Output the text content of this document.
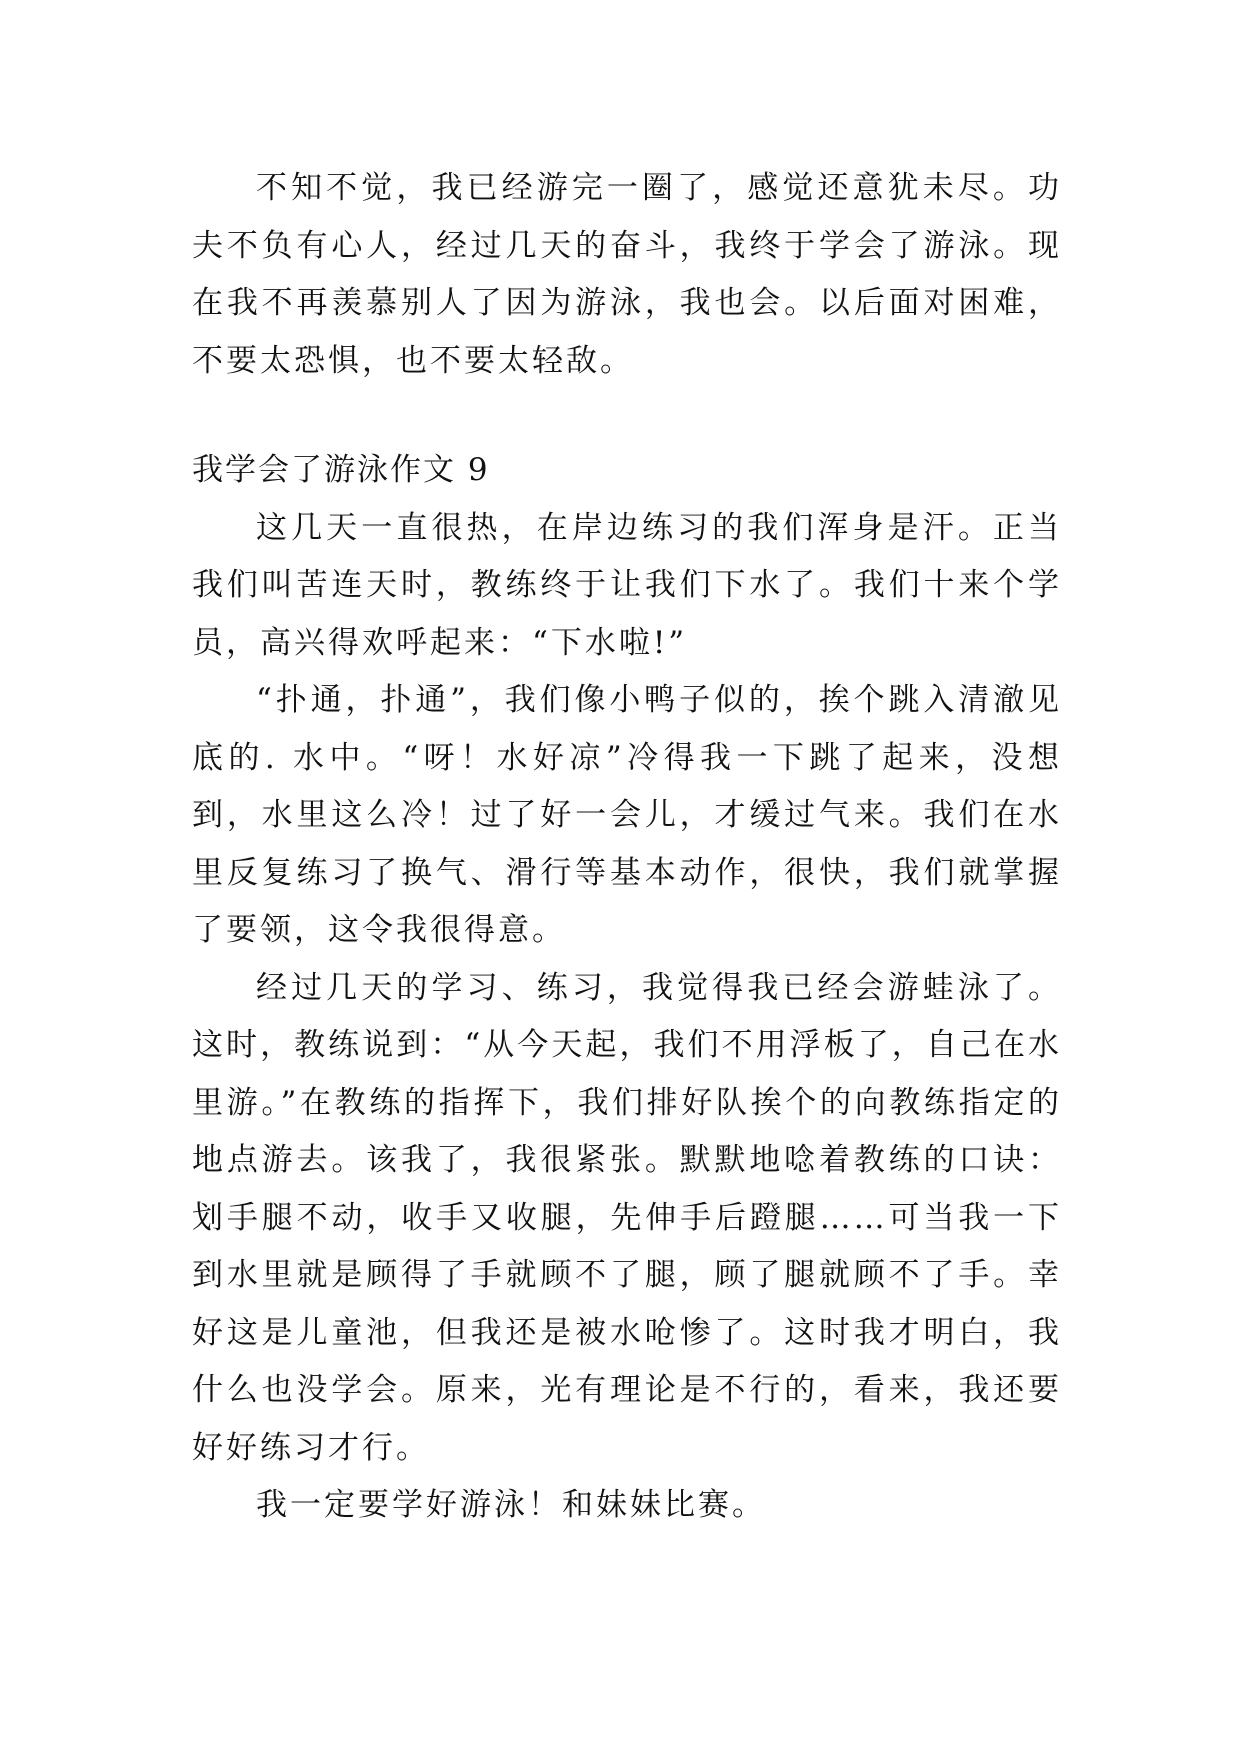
不知不觉，我已经游完一圈了，感觉还意犹未尽。功夫不负有心人，经过几天的奋斗，我终于学会了游泳。现在我不再羡慕别人了因为游泳，我也会。以后面对困难，不要太恐惧，也不要太轻敌。

我学会了游泳作文 9

这几天一直很热，在岸边练习的我们浑身是汗。正当我们叫苦连天时，教练终于让我们下水了。我们十来个学员，高兴得欢呼起来：“下水啦!”

“扑通，扑通”，我们像小鸭子似的，挨个跳入清澈见底的. 水中。“呀！水好凉”冷得我一下跳了起来，没想到，水里这么冷！过了好一会儿，才缓过气来。我们在水里反复练习了换气、滑行等基本动作，很快，我们就掌握了要领，这令我很得意。

经过几天的学习、练习，我觉得我已经会游蛙泳了。这时，教练说到：“从今天起，我们不用浮板了，自己在水里游。”在教练的指挥下，我们排好队挨个的向教练指定的地点游去。该我了，我很紧张。默默地唸着教练的口诀：划手腿不动，收手又收腿，先伸手后蹬腿……可当我一下到水里就是顾得了手就顾不了腿，顾了腿就顾不了手。幸好这是儿童池，但我还是被水呛惨了。这时我才明白，我什么也没学会。原来，光有理论是不行的，看来，我还要好好练习才行。

我一定要学好游泳！和妹妹比赛。
